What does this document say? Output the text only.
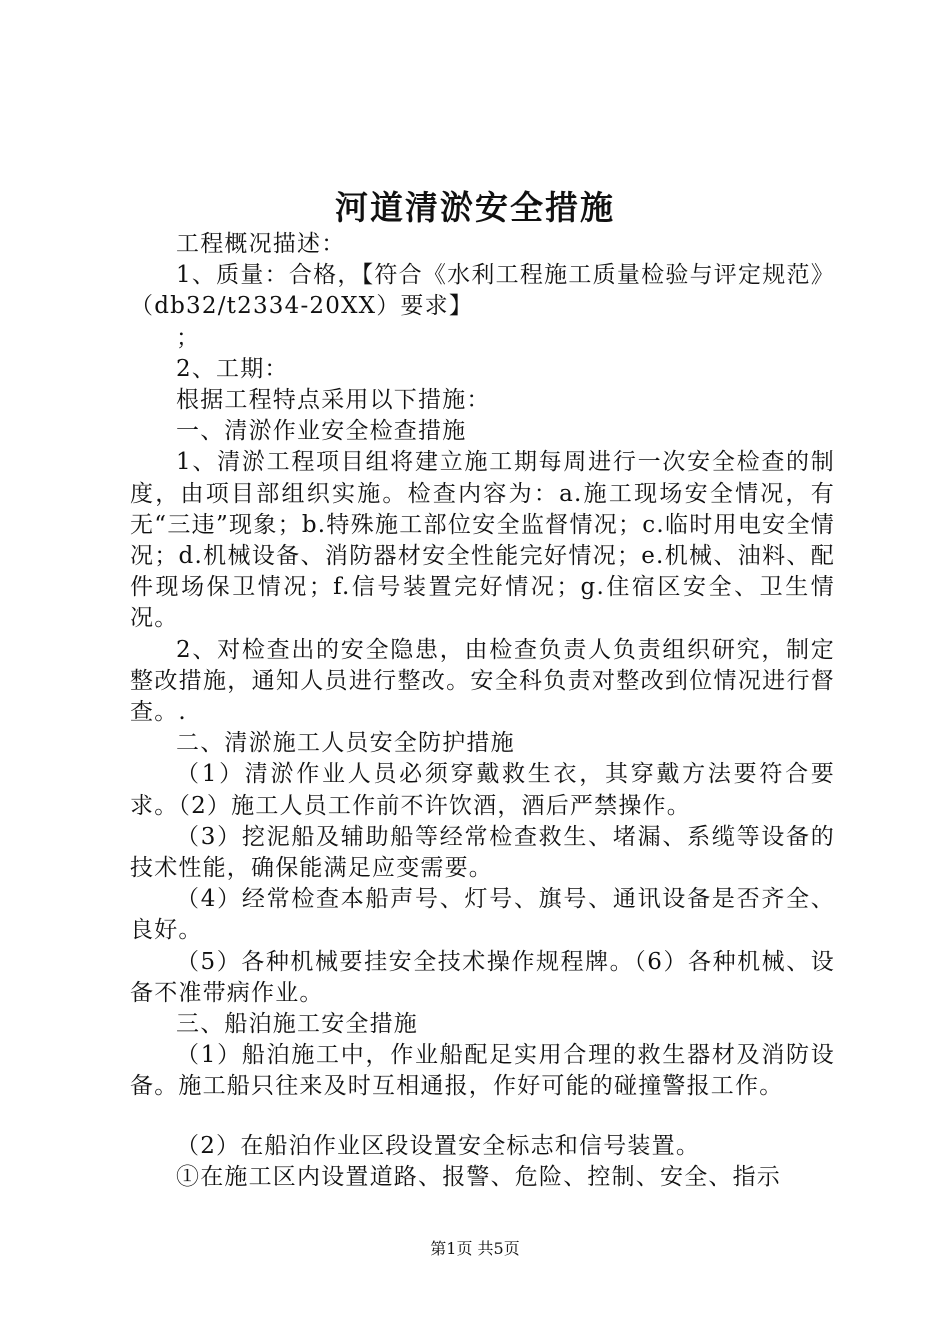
河道清淤安全措施

工程概况描述：

1、质量：合格，【符合《水利工程施工质量检验与评定规范》（db32/t2334-20XX）要求】

；

2、工期：

根据工程特点采用以下措施：

一、清淤作业安全检查措施

1、清淤工程项目组将建立施工期每周进行一次安全检查的制度，由项目部组织实施。检查内容为：a.施工现场安全情况，有无“三违”现象；b.特殊施工部位安全监督情况；c.临时用电安全情况；d.机械设备、消防器材安全性能完好情况；e.机械、油料、配件现场保卫情况；f.信号装置完好情况；g.住宿区安全、卫生情况。

2、对检查出的安全隐患，由检查负责人负责组织研究，制定整改措施，通知人员进行整改。安全科负责对整改到位情况进行督查。.

二、清淤施工人员安全防护措施

（1）清淤作业人员必须穿戴救生衣，其穿戴方法要符合要求。（2）施工人员工作前不许饮酒，酒后严禁操作。

（3）挖泥船及辅助船等经常检查救生、堵漏、系缆等设备的技术性能，确保能满足应变需要。

（4）经常检查本船声号、灯号、旗号、通讯设备是否齐全、良好。

（5）各种机械要挂安全技术操作规程牌。（6）各种机械、设备不准带病作业。

三、船泊施工安全措施

（1）船泊施工中，作业船配足实用合理的救生器材及消防设备。施工船只往来及时互相通报，作好可能的碰撞警报工作。

（2）在船泊作业区段设置安全标志和信号装置。

①在施工区内设置道路、报警、危险、控制、安全、指示

第1页 共5页
